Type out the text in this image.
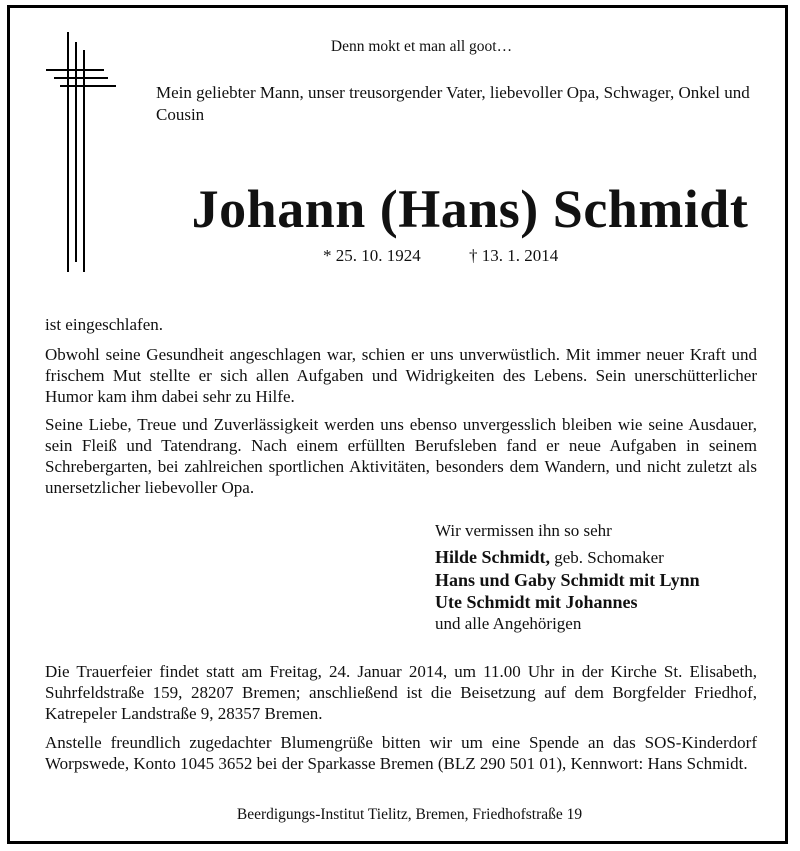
Denn mokt et man all goot…
Mein geliebter Mann, unser treusorgender Vater, liebevoller Opa, Schwager, Onkel und Cousin
Johann (Hans) Schmidt
* 25. 10. 1924	† 13. 1. 2014
ist eingeschlafen.
Obwohl seine Gesundheit angeschlagen war, schien er uns unverwüstlich. Mit immer neuer Kraft und frischem Mut stellte er sich allen Aufgaben und Widrigkeiten des Lebens. Sein unerschütterlicher Humor kam ihm dabei sehr zu Hilfe.
Seine Liebe, Treue und Zuverlässigkeit werden uns ebenso unvergesslich bleiben wie seine Ausdauer, sein Fleiß und Tatendrang. Nach einem erfüllten Berufsleben fand er neue Aufgaben in seinem Schrebergarten, bei zahlreichen sportlichen Aktivitäten, besonders dem Wandern, und nicht zuletzt als unersetzlicher liebevoller Opa.
Wir vermissen ihn so sehr
Hilde Schmidt, geb. Schomaker
Hans und Gaby Schmidt mit Lynn
Ute Schmidt mit Johannes
und alle Angehörigen
Die Trauerfeier findet statt am Freitag, 24. Januar 2014, um 11.00 Uhr in der Kirche St. Elisabeth, Suhrfeldstraße 159, 28207 Bremen; anschließend ist die Beisetzung auf dem Borgfelder Friedhof, Katrepeler Landstraße 9, 28357 Bremen.
Anstelle freundlich zugedachter Blumengrüße bitten wir um eine Spende an das SOS-Kinderdorf Worpswede, Konto 1045 3652 bei der Sparkasse Bremen (BLZ 290 501 01), Kennwort: Hans Schmidt.
Beerdigungs-Institut Tielitz, Bremen, Friedhofstraße 19
